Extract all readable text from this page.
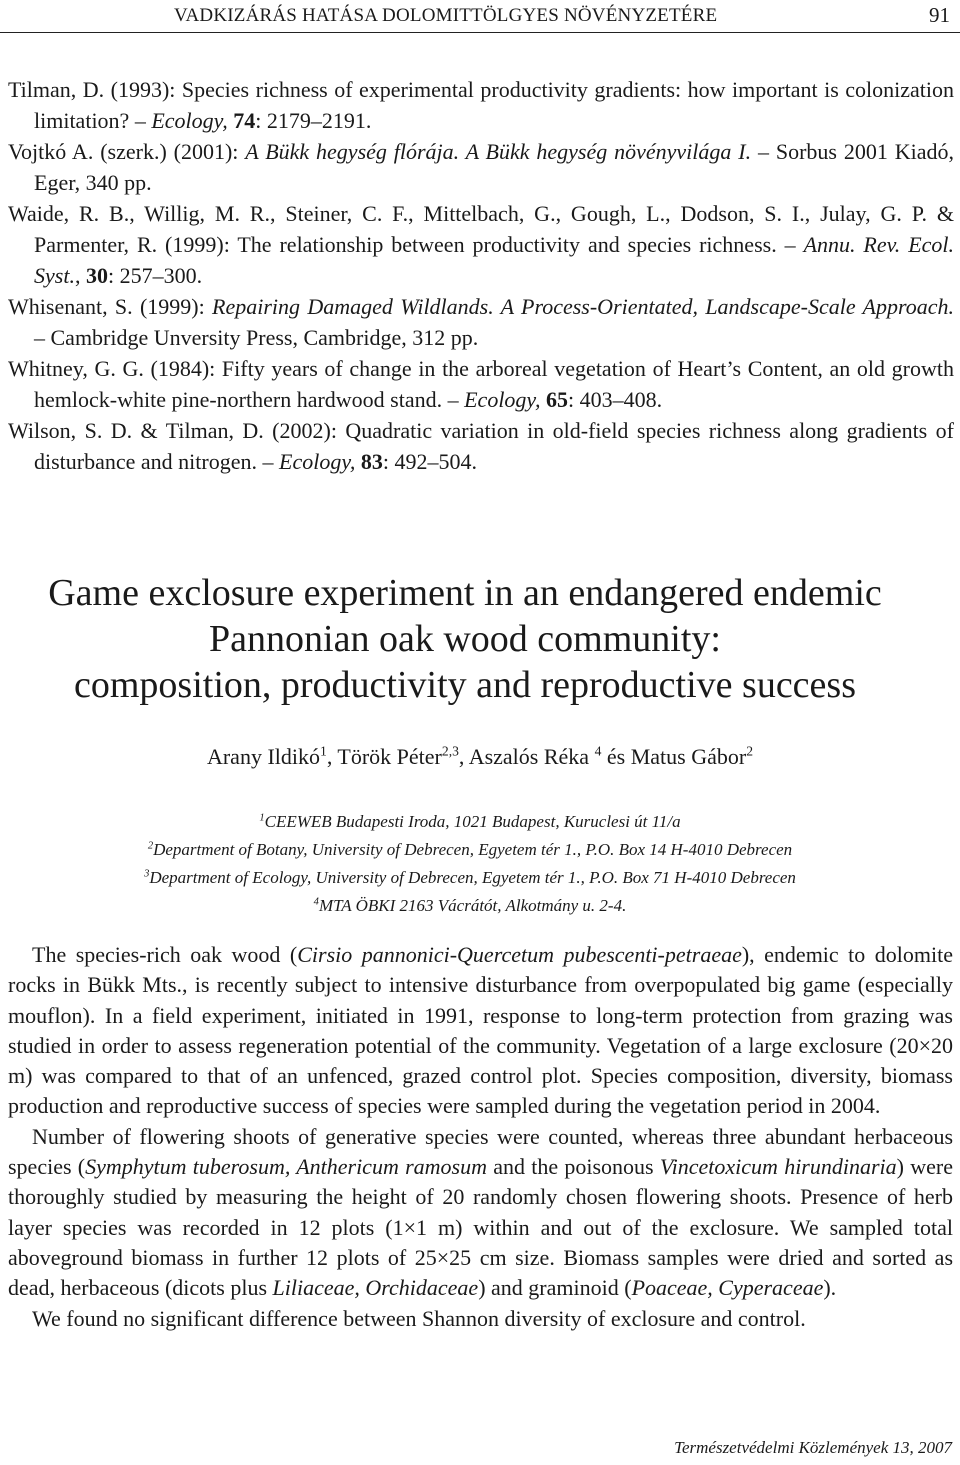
VADKIZÁRÁS HATÁSA DOLOMITTÖLGYES NÖVÉNYZETÉRE	91
Tilman, D. (1993): Species richness of experimental productivity gradients: how important is colonization limitation? – Ecology, 74: 2179–2191.
Vojtkó A. (szerk.) (2001): A Bükk hegység flórája. A Bükk hegység növényvilága I. – Sorbus 2001 Kiadó, Eger, 340 pp.
Waide, R. B., Willig, M. R., Steiner, C. F., Mittelbach, G., Gough, L., Dodson, S. I., Julay, G. P. & Parmenter, R. (1999): The relationship between productivity and species richness. – Annu. Rev. Ecol. Syst., 30: 257–300.
Whisenant, S. (1999): Repairing Damaged Wildlands. A Process-Orientated, Landscape-Scale Approach. – Cambridge Unversity Press, Cambridge, 312 pp.
Whitney, G. G. (1984): Fifty years of change in the arboreal vegetation of Heart’s Content, an old growth hemlock-white pine-northern hardwood stand. – Ecology, 65: 403–408.
Wilson, S. D. & Tilman, D. (2002): Quadratic variation in old-field species richness along gradients of disturbance and nitrogen. – Ecology, 83: 492–504.
Game exclosure experiment in an endangered endemic
Pannonian oak wood community:
composition, productivity and reproductive success
Arany Ildikó$^1$, Török Péter$^{2,3}$, Aszalós Réka $^4$ és Matus Gábor$^2$
$^1$CEEWEB Budapesti Iroda, 1021 Budapest, Kuruclesi út 11/a
$^2$Department of Botany, University of Debrecen, Egyetem tér 1., P.O. Box 14 H-4010 Debrecen
$^3$Department of Ecology, University of Debrecen, Egyetem tér 1., P.O. Box 71 H-4010 Debrecen
$^4$MTA ÖBKI 2163 Vácrátót, Alkotmány u. 2-4.

The species-rich oak wood (Cirsio pannonici-Quercetum pubescenti-petraeae), endemic to dolomite rocks in Bükk Mts., is recently subject to intensive disturbance from overpopulated big game (especially mouflon). In a field experiment, initiated in 1991, response to long-term protection from grazing was studied in order to assess regeneration potential of the community. Vegetation of a large exclosure (20×20 m) was compared to that of an unfenced, grazed control plot. Species composition, diversity, biomass production and reproductive success of species were sampled during the vegetation period in 2004.

Number of flowering shoots of generative species were counted, whereas three abundant herbaceous species (Symphytum tuberosum, Anthericum ramosum and the poisonous Vincetoxicum hirundinaria) were thoroughly studied by measuring the height of 20 randomly chosen flowering shoots. Presence of herb layer species was recorded in 12 plots (1×1 m) within and out of the exclosure. We sampled total aboveground biomass in further 12 plots of 25×25 cm size. Biomass samples were dried and sorted as dead, herbaceous (dicots plus Liliaceae, Orchidaceae) and graminoid (Poaceae, Cyperaceae).

We found no significant difference between Shannon diversity of exclosure and control.

Természetvédelmi Közlemények 13, 2007
